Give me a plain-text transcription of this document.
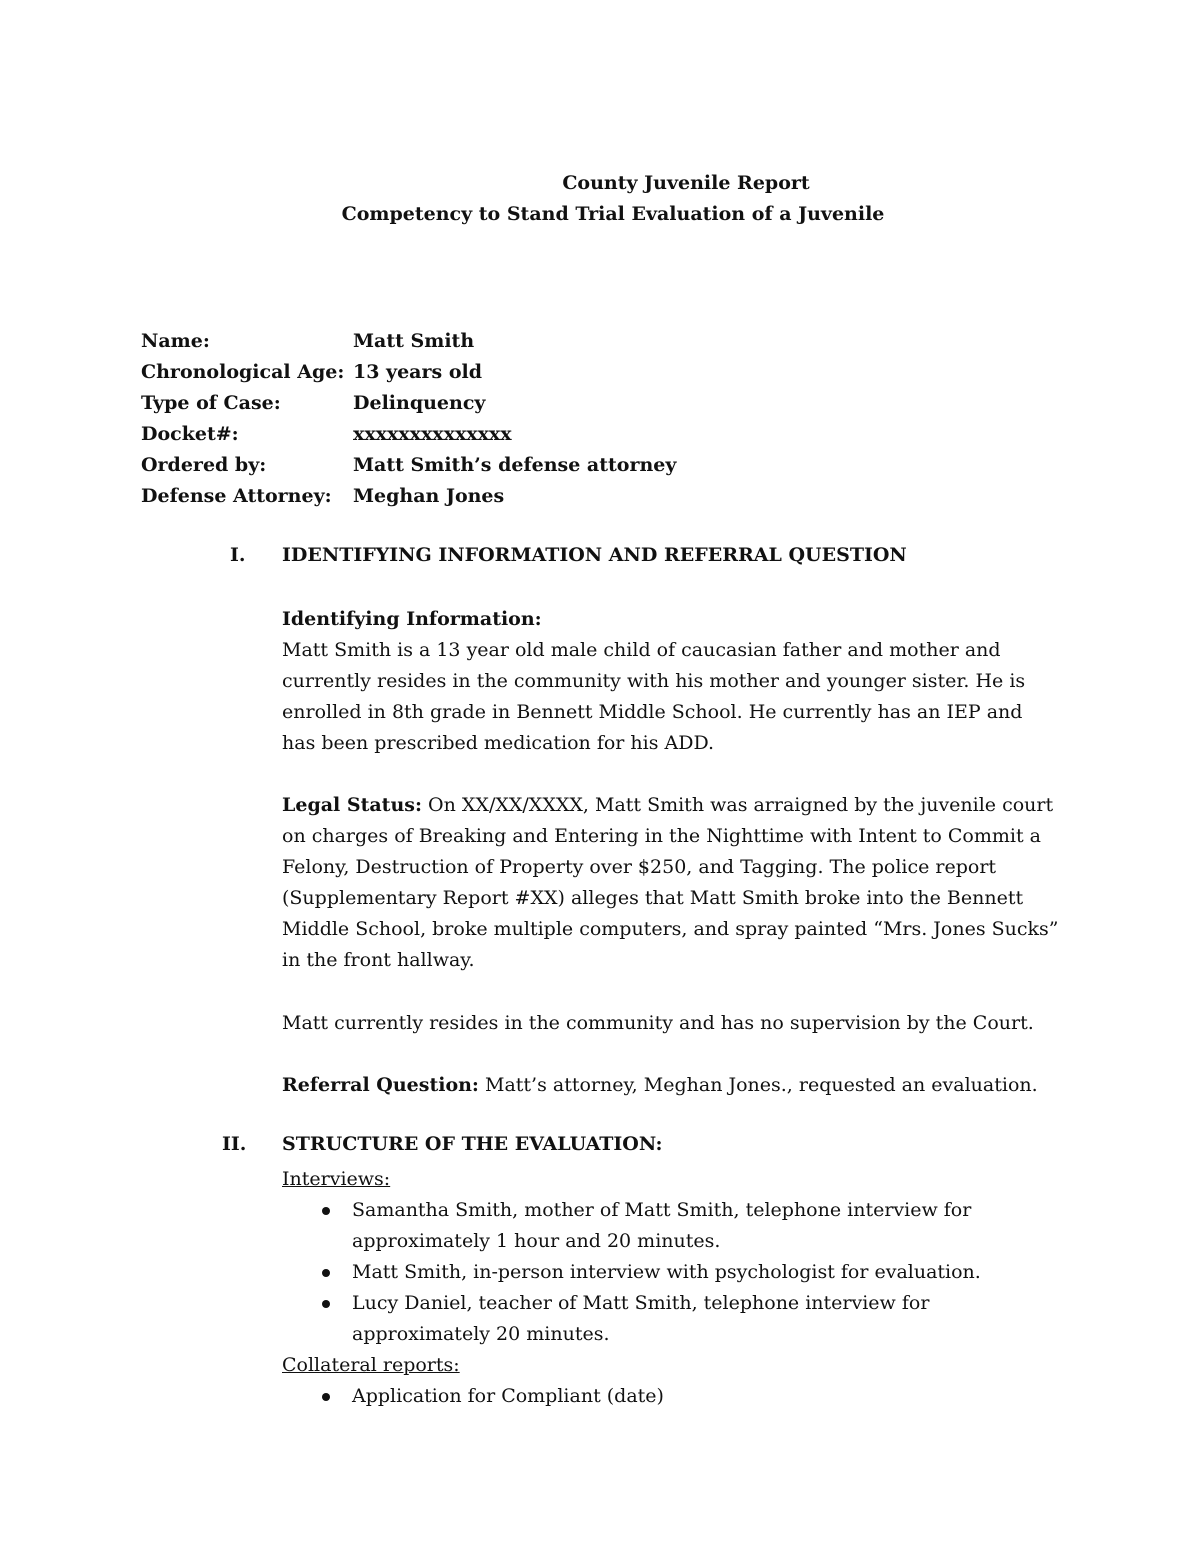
County Juvenile Report
Competency to Stand Trial Evaluation of a Juvenile
Name:	Matt Smith
Chronological Age: 13 years old
Type of Case:	Delinquency
Docket#:	xxxxxxxxxxxxxx
Ordered by:	Matt Smith’s defense attorney
Defense Attorney: Meghan Jones
I. IDENTIFYING INFORMATION AND REFERRAL QUESTION
Identifying Information:

Matt Smith is a 13 year old male child of caucasian father and mother and currently resides in the community with his mother and younger sister. He is enrolled in 8th grade in Bennett Middle School. He currently has an IEP and has been prescribed medication for his ADD.

Legal Status: On XX/XX/XXXX, Matt Smith was arraigned by the juvenile court on charges of Breaking and Entering in the Nighttime with Intent to Commit a Felony, Destruction of Property over $250, and Tagging. The police report (Supplementary Report #XX) alleges that Matt Smith broke into the Bennett Middle School, broke multiple computers, and spray painted “Mrs. Jones Sucks” in the front hallway.

Matt currently resides in the community and has no supervision by the Court.
Referral Question: Matt’s attorney, Meghan Jones., requested an evaluation.
II. STRUCTURE OF THE EVALUATION:
Interviews:
Samantha Smith, mother of Matt Smith, telephone interview for approximately 1 hour and 20 minutes.
Matt Smith, in-person interview with psychologist for evaluation.
Lucy Daniel, teacher of Matt Smith, telephone interview for approximately 20 minutes.
Collateral reports:
Application for Compliant (date)
